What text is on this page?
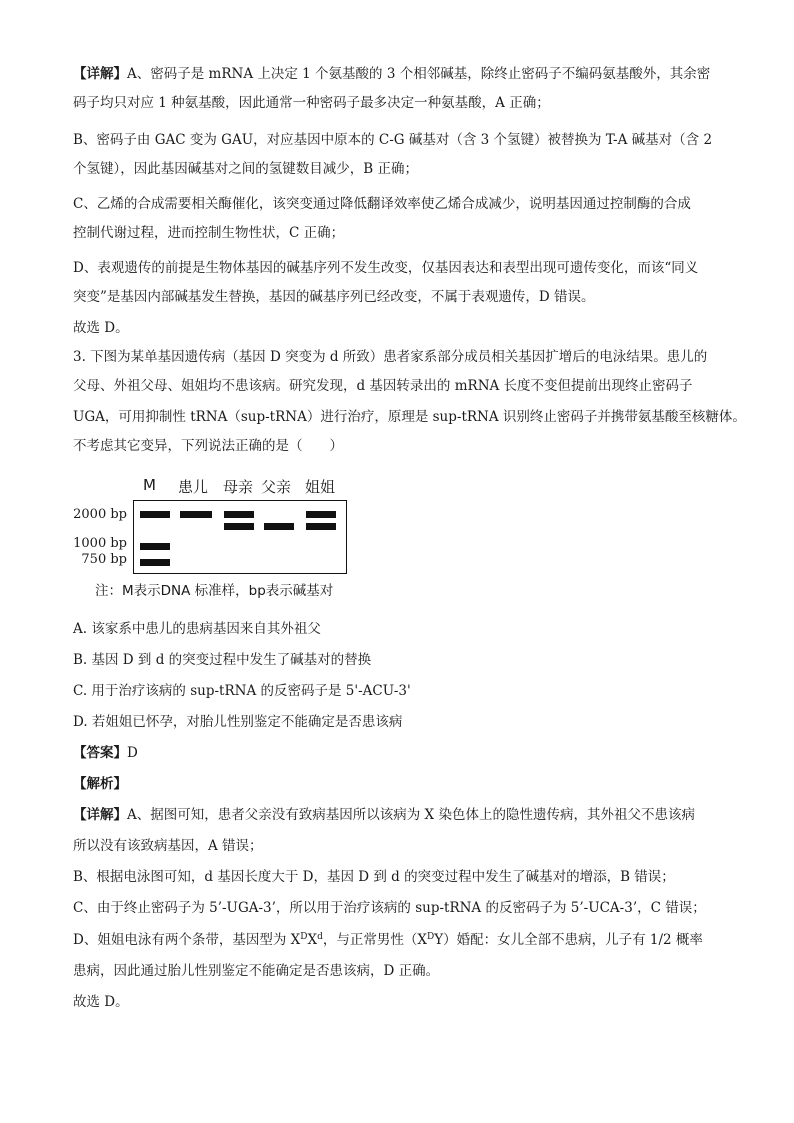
【详解】A、密码子是 mRNA 上决定 1 个氨基酸的 3 个相邻碱基，除终止密码子不编码氨基酸外，其余密
码子均只对应 1 种氨基酸，因此通常一种密码子最多决定一种氨基酸，A 正确；
B、密码子由 GAC 变为 GAU，对应基因中原本的 C-G 碱基对（含 3 个氢键）被替换为 T-A 碱基对（含 2
个氢键），因此基因碱基对之间的氢键数目减少，B 正确；
C、乙烯的合成需要相关酶催化，该突变通过降低翻译效率使乙烯合成减少，说明基因通过控制酶的合成
控制代谢过程，进而控制生物性状，C 正确；
D、表观遗传的前提是生物体基因的碱基序列不发生改变，仅基因表达和表型出现可遗传变化，而该“同义
突变”是基因内部碱基发生替换，基因的碱基序列已经改变，不属于表观遗传，D 错误。
故选 D。
3. 下图为某单基因遗传病（基因 D 突变为 d 所致）患者家系部分成员相关基因扩增后的电泳结果。患儿的
父母、外祖父母、姐姐均不患该病。研究发现，d 基因转录出的 mRNA 长度不变但提前出现终止密码子
UGA，可用抑制性 tRNA（sup-tRNA）进行治疗，原理是 sup-tRNA 识别终止密码子并携带氨基酸至核糖体。
不考虑其它变异，下列说法正确的是（　　）
M 患儿 母亲 父亲 姐姐
2000 bp
1000 bp
750 bp
注：M表示DNA 标准样，bp表示碱基对
A. 该家系中患儿的患病基因来自其外祖父
B. 基因 D 到 d 的突变过程中发生了碱基对的替换
C. 用于治疗该病的 sup-tRNA 的反密码子是 5'-ACU-3'
D. 若姐姐已怀孕，对胎儿性别鉴定不能确定是否患该病
【答案】D
【解析】
【详解】A、据图可知，患者父亲没有致病基因所以该病为 X 染色体上的隐性遗传病，其外祖父不患该病
所以没有该致病基因，A 错误；
B、根据电泳图可知，d 基因长度大于 D，基因 D 到 d 的突变过程中发生了碱基对的增添，B 错误；
C、由于终止密码子为 5’-UGA-3’，所以用于治疗该病的 sup-tRNA 的反密码子为 5’-UCA-3’，C 错误；
D、姐姐电泳有两个条带，基因型为 $X^DX^d$，与正常男性$(X^DY)$婚配：女儿全部不患病，儿子有 1/2 概率
患病，因此通过胎儿性别鉴定不能确定是否患该病，D 正确。
故选 D。
